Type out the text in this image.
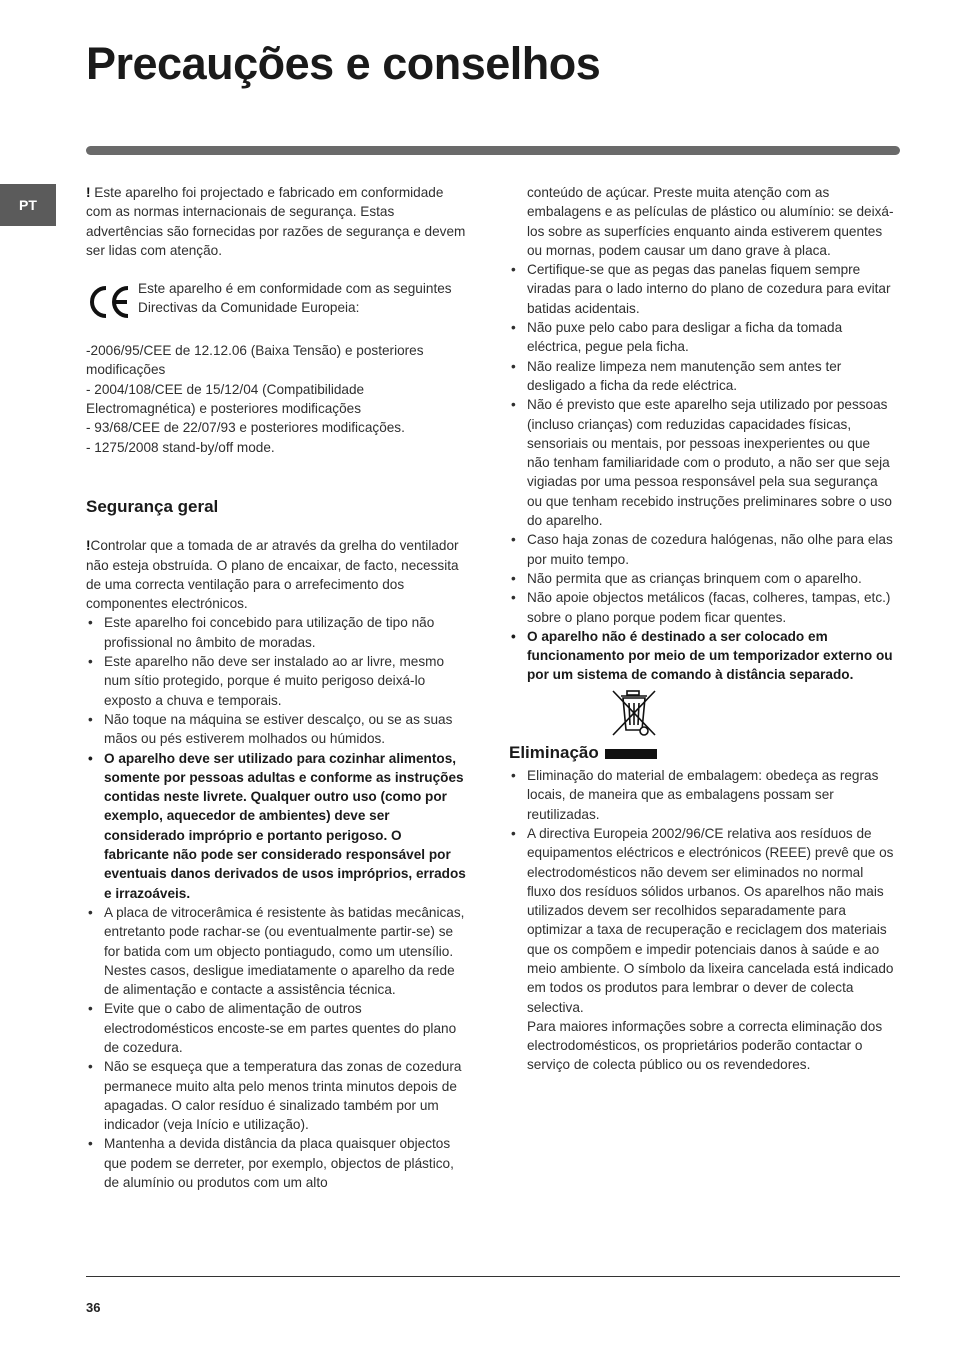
Precauções e conselhos
PT

! Este aparelho foi projectado e fabricado em conformidade com as normas internacionais de segurança. Estas advertências são fornecidas por razões de segurança e devem ser lidas com atenção.

Este aparelho é em conformidade com as seguintes Directivas da Comunidade Europeia:

-2006/95/CEE de 12.12.06 (Baixa Tensão) e posteriores modificações

- 2004/108/CEE de 15/12/04 (Compatibilidade Electromagnética) e posteriores modificações

- 93/68/CEE de 22/07/93 e posteriores modificações.

- 1275/2008 stand-by/off mode.

Segurança geral

!Controlar que a tomada de ar através da grelha do ventilador não esteja obstruída. O plano de encaixar, de facto, necessita de uma correcta ventilação para o arrefecimento dos componentes electrónicos.

• Este aparelho foi concebido para utilização de tipo não profissional no âmbito de moradas.
• Este aparelho não deve ser instalado ao ar livre, mesmo num sítio protegido, porque é muito perigoso deixá-lo exposto a chuva e temporais.
• Não toque na máquina se estiver descalço, ou se as suas mãos ou pés estiverem molhados ou húmidos.
• O aparelho deve ser utilizado para cozinhar alimentos, somente por pessoas adultas e conforme as instruções contidas neste livrete. Qualquer outro uso (como por exemplo, aquecedor de ambientes) deve ser considerado impróprio e portanto perigoso. O fabricante não pode ser considerado responsável por eventuais danos derivados de usos impróprios, errados e irrazoáveis.
• A placa de vitrocerâmica é resistente às batidas mecânicas, entretanto pode rachar-se (ou eventualmente partir-se) se for batida com um objecto pontiagudo, como um utensílio. Nestes casos, desligue imediatamente o aparelho da rede de alimentação e contacte a assistência técnica.
• Evite que o cabo de alimentação de outros electrodomésticos encoste-se em partes quentes do plano de cozedura.
• Não se esqueça que a temperatura das zonas de cozedura permanece muito alta pelo menos trinta minutos depois de apagadas. O calor resíduo é sinalizado também por um indicador (veja Início e utilização).
• Mantenha a devida distância da placa quaisquer objectos que podem se derreter, por exemplo, objectos de plástico, de alumínio ou produtos com um alto

conteúdo de açúcar. Preste muita atenção com as embalagens e as películas de plástico ou alumínio: se deixá-los sobre as superfícies enquanto ainda estiverem quentes ou mornas, podem causar um dano grave à placa.

• Certifique-se que as pegas das panelas fiquem sempre viradas para o lado interno do plano de cozedura para evitar batidas acidentais.
• Não puxe pelo cabo para desligar a ficha da tomada eléctrica, pegue pela ficha.
• Não realize limpeza nem manutenção sem antes ter desligado a ficha da rede eléctrica.
• Não é previsto que este aparelho seja utilizado por pessoas (incluso crianças) com reduzidas capacidades físicas, sensoriais ou mentais, por pessoas inexperientes ou que não tenham familiaridade com o produto, a não ser que seja vigiadas por uma pessoa responsável pela sua segurança ou que tenham recebido instruções preliminares sobre o uso do aparelho.
• Caso haja zonas de cozedura halógenas, não olhe para elas por muito tempo.
• Não permita que as crianças brinquem com o aparelho.
• Não apoie objectos metálicos (facas, colheres, tampas, etc.) sobre o plano porque podem ficar quentes.
• O aparelho não é destinado a ser colocado em funcionamento por meio de um temporizador externo ou por um sistema de comando à distância separado.
Eliminação
• Eliminação do material de embalagem: obedeça as regras locais, de maneira que as embalagens possam ser reutilizadas.
• A directiva Europeia 2002/96/CE relativa aos resíduos de equipamentos eléctricos e electrónicos (REEE) prevê que os electrodomésticos não devem ser eliminados no normal fluxo dos resíduos sólidos urbanos. Os aparelhos não mais utilizados devem ser recolhidos separadamente para optimizar a taxa de recuperação e reciclagem dos materiais que os compõem e impedir potenciais danos à saúde e ao meio ambiente. O símbolo da lixeira cancelada está indicado em todos os produtos para lembrar o dever de colecta selectiva.

Para maiores informações sobre a correcta eliminação dos electrodomésticos, os proprietários poderão contactar o serviço de colecta público ou os revendedores.

36
